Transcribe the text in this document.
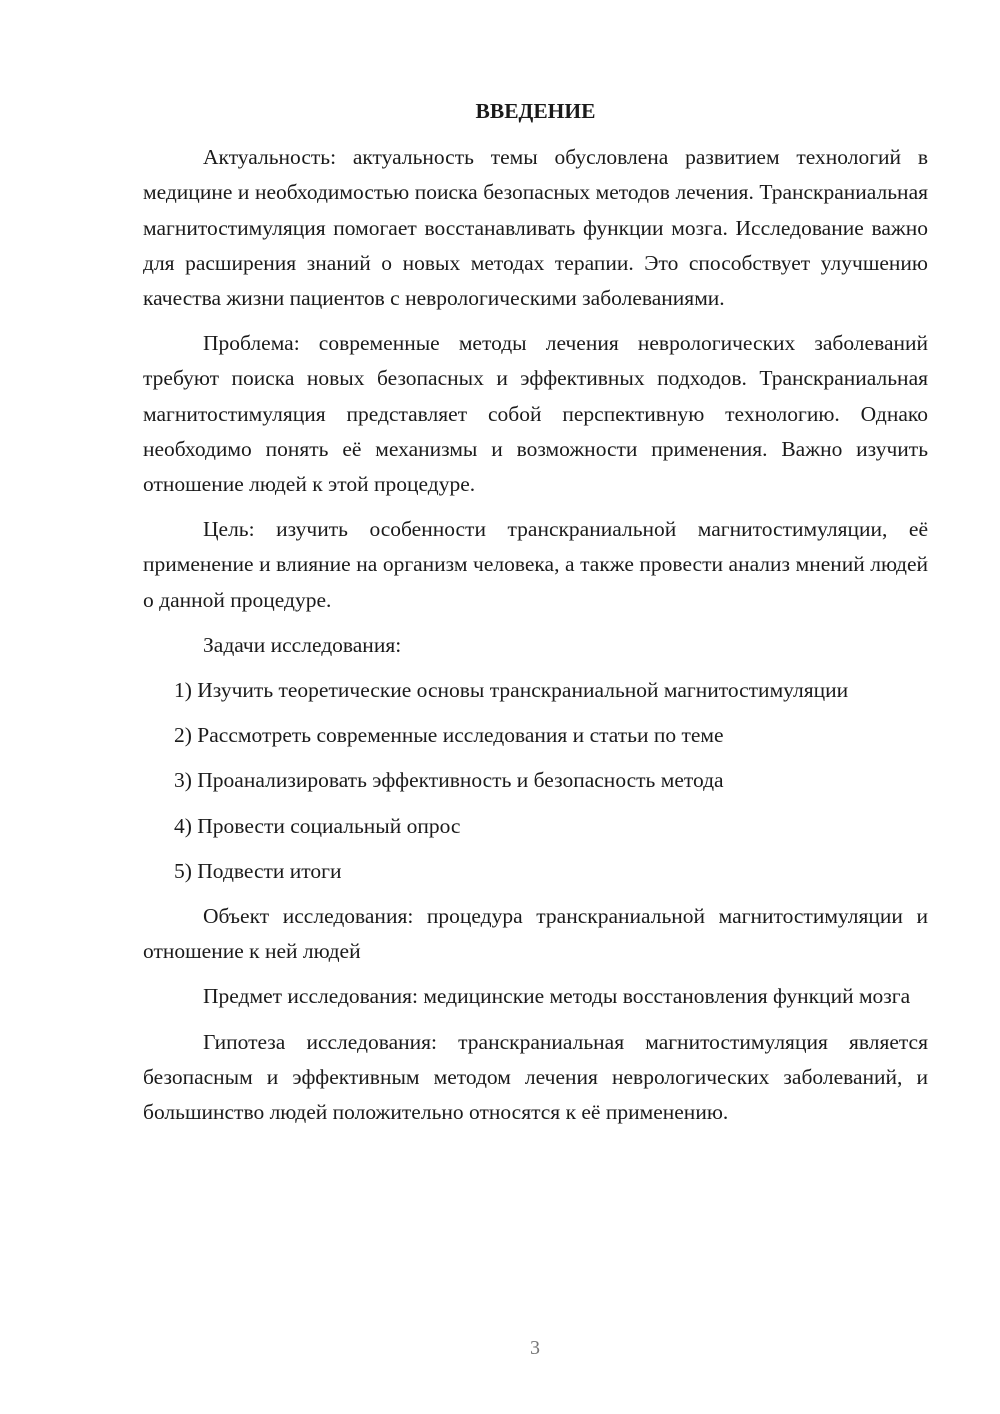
ВВЕДЕНИЕ

Актуальность: актуальность темы обусловлена развитием технологий в медицине и необходимостью поиска безопасных методов лечения. Транскраниальная магнитостимуляция помогает восстанавливать функции мозга. Исследование важно для расширения знаний о новых методах терапии. Это способствует улучшению качества жизни пациентов с неврологическими заболеваниями.

Проблема: современные методы лечения неврологических заболеваний требуют поиска новых безопасных и эффективных подходов. Транскраниальная магнитостимуляция представляет собой перспективную технологию. Однако необходимо понять её механизмы и возможности применения. Важно изучить отношение людей к этой процедуре.

Цель: изучить особенности транскраниальной магнитостимуляции, её применение и влияние на организм человека, а также провести анализ мнений людей о данной процедуре.

Задачи исследования:

1) Изучить теоретические основы транскраниальной магнитостимуляции

2) Рассмотреть современные исследования и статьи по теме

3) Проанализировать эффективность и безопасность метода

4) Провести социальный опрос

5) Подвести итоги

Объект исследования: процедура транскраниальной магнитостимуляции и отношение к ней людей

Предмет исследования: медицинские методы восстановления функций мозга

Гипотеза исследования: транскраниальная магнитостимуляция является безопасным и эффективным методом лечения неврологических заболеваний, и большинство людей положительно относятся к её применению.

3
